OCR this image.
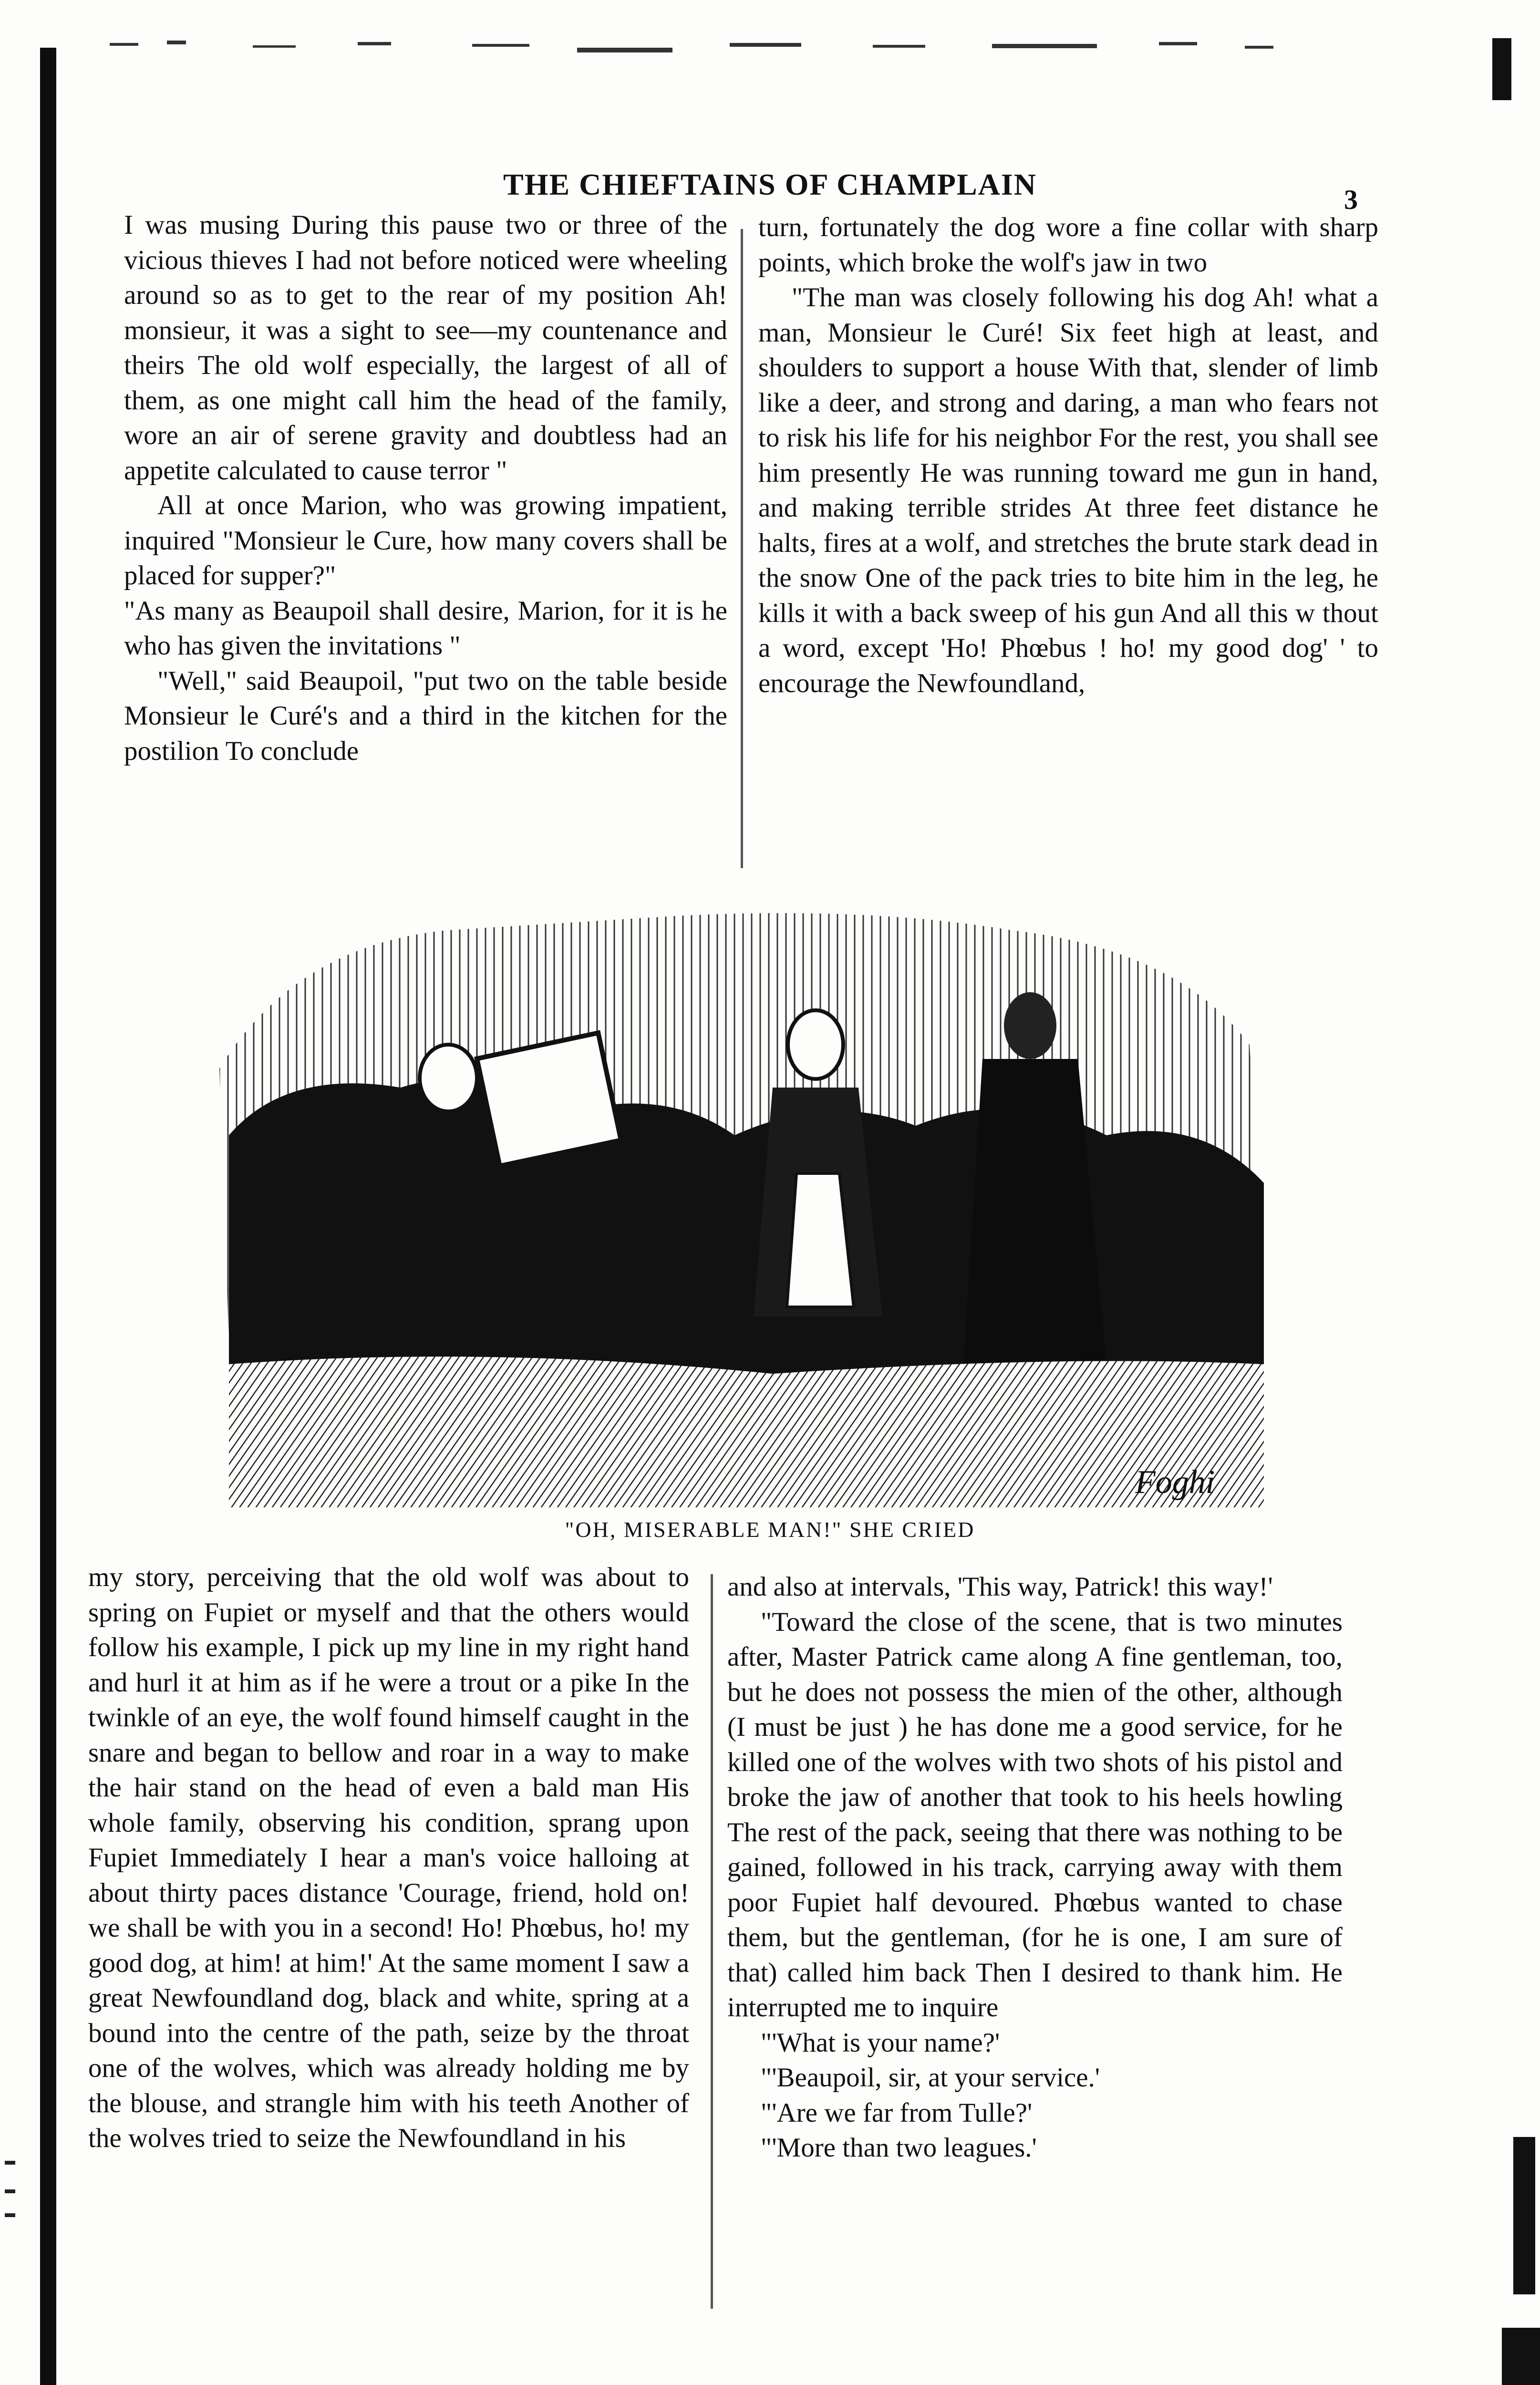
THE CHIEFTAINS OF CHAMPLAIN	3

I was musing During this pause two or three of the vicious thieves I had not before noticed were wheeling around so as to get to the rear of my position Ah! monsieur, it was a sight to see—my countenance and theirs The old wolf especially, the largest of all of them, as one might call him the head of the family, wore an air of serene gravity and doubtless had an appetite calculated to cause terror "

All at once Marion, who was growing impatient, inquired "Monsieur le Cure, how many covers shall be placed for supper?"

"As many as Beaupoil shall desire, Marion, for it is he who has given the invitations "

"Well," said Beaupoil, "put two on the table beside Monsieur le Curé's and a third in the kitchen for the postilion To conclude

turn, fortunately the dog wore a fine collar with sharp points, which broke the wolf's jaw in two

"The man was closely following his dog Ah! what a man, Monsieur le Curé! Six feet high at least, and shoulders to support a house With that, slender of limb like a deer, and strong and daring, a man who fears not to risk his life for his neighbor For the rest, you shall see him presently He was running toward me gun in hand, and making terrible strides At three feet distance he halts, fires at a wolf, and stretches the brute stark dead in the snow One of the pack tries to bite him in the leg, he kills it with a back sweep of his gun And all this w thout a word, except 'Ho! Phœbus ! ho! my good dog' ' to encourage the Newfoundland,

Foghi
"OH, MISERABLE MAN!" SHE CRIED

my story, perceiving that the old wolf was about to spring on Fupiet or myself and that the others would follow his example, I pick up my line in my right hand and hurl it at him as if he were a trout or a pike In the twinkle of an eye, the wolf found himself caught in the snare and began to bellow and roar in a way to make the hair stand on the head of even a bald man His whole family, observing his condition, sprang upon Fupiet Immediately I hear a man's voice halloing at about thirty paces distance 'Courage, friend, hold on! we shall be with you in a second! Ho! Phœbus, ho! my good dog, at him! at him!' At the same moment I saw a great Newfoundland dog, black and white, spring at a bound into the centre of the path, seize by the throat one of the wolves, which was already holding me by the blouse, and strangle him with his teeth Another of the wolves tried to seize the Newfoundland in his

and also at intervals, 'This way, Patrick! this way!'

"Toward the close of the scene, that is two minutes after, Master Patrick came along A fine gentleman, too, but he does not possess the mien of the other, although (I must be just ) he has done me a good service, for he killed one of the wolves with two shots of his pistol and broke the jaw of another that took to his heels howling The rest of the pack, seeing that there was nothing to be gained, followed in his track, carrying away with them poor Fupiet half devoured. Phœbus wanted to chase them, but the gentleman, (for he is one, I am sure of that) called him back Then I desired to thank him. He interrupted me to inquire

"'What is your name?'

"'Beaupoil, sir, at your service.'

"'Are we far from Tulle?'

"'More than two leagues.'
